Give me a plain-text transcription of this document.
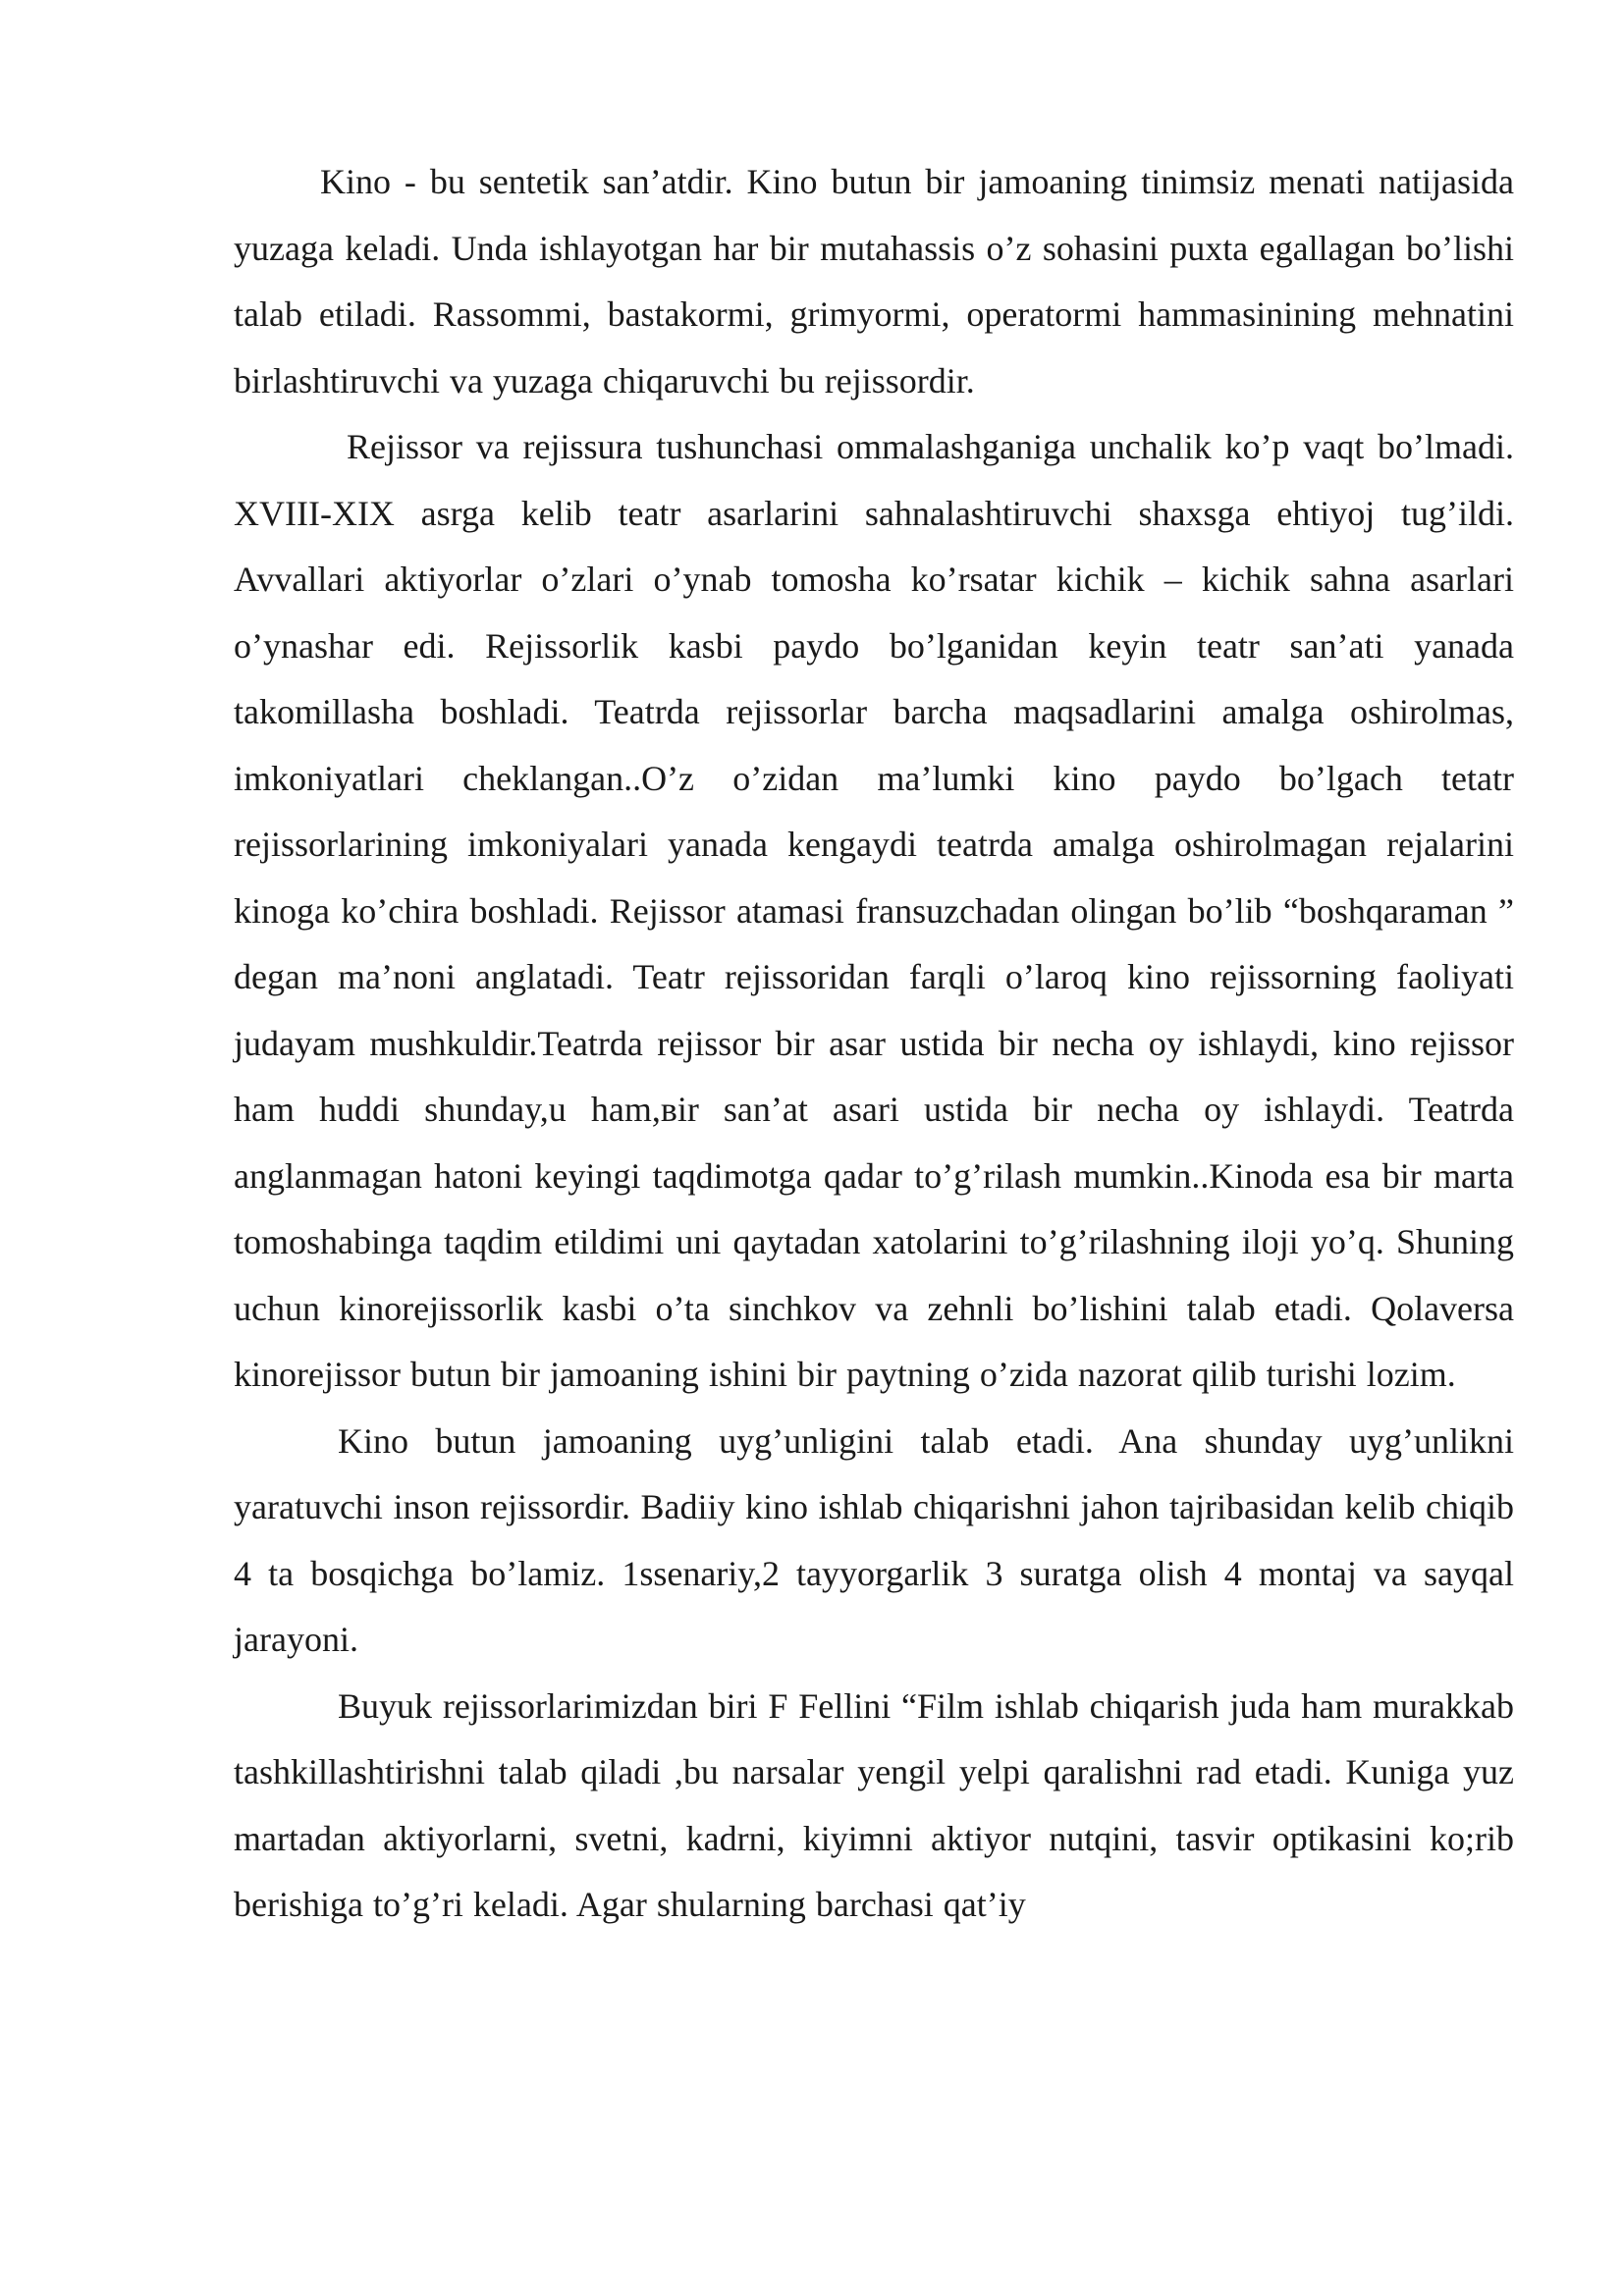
Kino - bu sentetik san’atdir. Kino butun bir jamoaning tinimsiz menati natijasida yuzaga keladi. Unda ishlayotgan har bir mutahassis o’z sohasini puxta egallagan bo’lishi talab etiladi. Rassommi, bastakormi, grimyormi, operatormi hammasinining mehnatini birlashtiruvchi va yuzaga chiqaruvchi bu rejissordir.

Rejissor va rejissura tushunchasi ommalashganiga unchalik ko’p vaqt bo’lmadi. XVIII-XIX asrga kelib teatr asarlarini sahnalashtiruvchi shaxsga ehtiyoj tug’ildi. Avvallari aktiyorlar o’zlari o’ynab tomosha ko’rsatar kichik – kichik sahna asarlari o’ynashar edi. Rejissorlik kasbi paydo bo’lganidan keyin teatr san’ati yanada takomillasha boshladi. Teatrda rejissorlar barcha maqsadlarini amalga oshirolmas, imkoniyatlari cheklangan..O’z o’zidan ma’lumki kino paydo bo’lgach tetatr rejissorlarining imkoniyalari yanada kengaydi teatrda amalga oshirolmagan rejalarini kinoga ko’chira boshladi. Rejissor atamasi fransuzchadan olingan bo’lib “boshqaraman ” degan ma’noni anglatadi. Teatr rejissoridan farqli o’laroq kino rejissorning faoliyati judayam mushkuldir.Teatrda rejissor bir asar ustida bir necha oy ishlaydi, kino rejissor ham huddi shunday,u ham,вir san’at asari ustida bir necha oy ishlaydi. Teatrda anglanmagan hatoni keyingi taqdimotga qadar to’g’rilash mumkin..Kinoda esa bir marta tomoshabinga taqdim etildimi uni qaytadan xatolarini to’g’rilashning iloji yo’q. Shuning uchun kinorejissorlik kasbi o’ta sinchkov va zehnli bo’lishini talab etadi. Qolaversa kinorejissor butun bir jamoaning ishini bir paytning o’zida nazorat qilib turishi lozim.

Kino butun jamoaning uyg’unligini talab etadi. Ana shunday uyg’unlikni yaratuvchi inson rejissordir. Badiiy kino ishlab chiqarishni jahon tajribasidan kelib chiqib 4 ta bosqichga bo’lamiz. 1ssenariy,2 tayyorgarlik 3 suratga olish 4 montaj va sayqal jarayoni.

Buyuk rejissorlarimizdan biri F Fellini “Film ishlab chiqarish juda ham murakkab tashkillashtirishni talab qiladi ,bu narsalar yengil yelpi qaralishni rad etadi. Kuniga yuz martadan aktiyorlarni, svetni, kadrni, kiyimni aktiyor nutqini, tasvir optikasini ko;rib berishiga to’g’ri keladi. Agar shularning barchasi qat’iy
